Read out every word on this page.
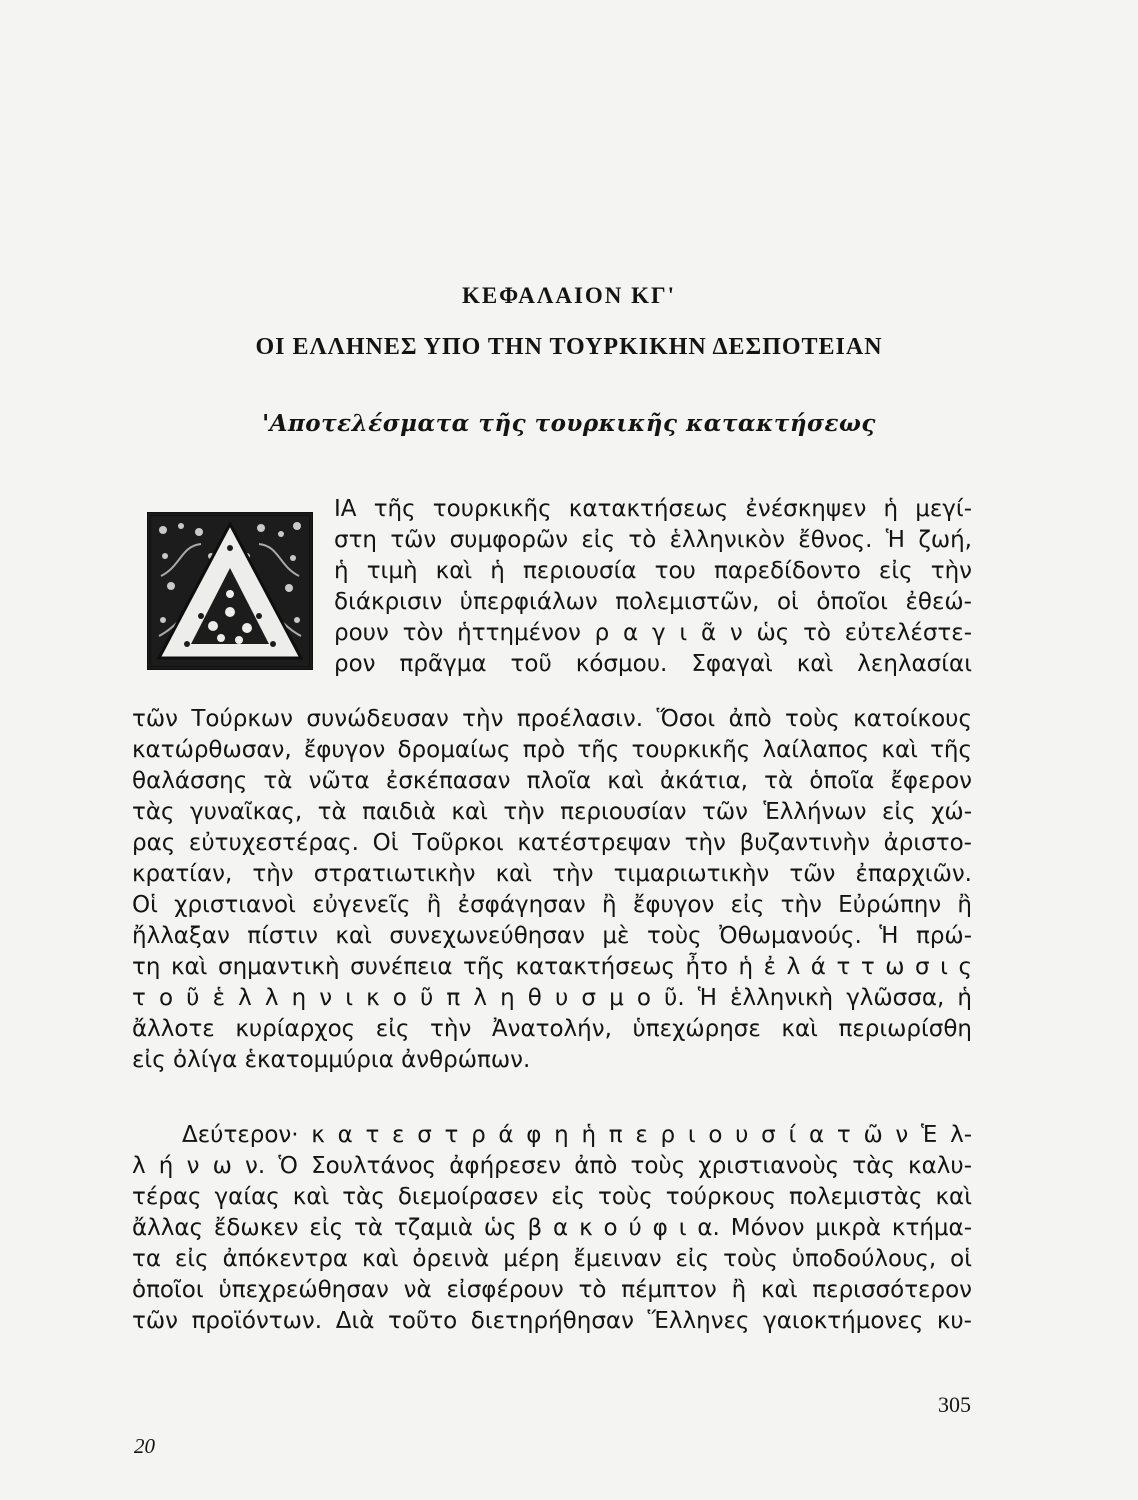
ΚΕΦΑΛΑΙΟΝ ΚΓ'
ΟΙ ΕΛΛΗΝΕΣ ΥΠΟ ΤΗΝ ΤΟΥΡΚΙΚΗΝ ΔΕΣΠΟΤΕΙΑΝ
'Αποτελέσματα τῆς τουρκικῆς κατακτήσεως
ΙΑ τῆς τουρκικῆς κατακτήσεως ἐνέσκηψεν ἡ μεγί-
στη τῶν συμφορῶν εἰς τὸ ἑλληνικὸν ἔθνος. Ἡ ζωή,
ἡ τιμὴ καὶ ἡ περιουσία του παρεδίδοντο εἰς τὴν
διάκρισιν ὑπερφιάλων πολεμιστῶν, οἱ ὁποῖοι ἐθεώ-
ρουν τὸν ἡττημένον ρ α γ ι ᾶ ν ὡς τὸ εὐτελέστε-
ρον πρᾶγμα τοῦ κόσμου. Σφαγαὶ καὶ λεηλασίαι
τῶν Τούρκων συνώδευσαν τὴν προέλασιν. Ὅσοι ἀπὸ τοὺς κατοίκους
κατώρθωσαν, ἔφυγον δρομαίως πρὸ τῆς τουρκικῆς λαίλαπος καὶ τῆς
θαλάσσης τὰ νῶτα ἐσκέπασαν πλοῖα καὶ ἀκάτια, τὰ ὁποῖα ἔφερον
τὰς γυναῖκας, τὰ παιδιὰ καὶ τὴν περιουσίαν τῶν Ἑλλήνων εἰς χώ-
ρας εὐτυχεστέρας. Οἱ Τοῦρκοι κατέστρεψαν τὴν βυζαντινὴν ἀριστο-
κρατίαν, τὴν στρατιωτικὴν καὶ τὴν τιμαριωτικὴν τῶν ἐπαρχιῶν.
Οἱ χριστιανοὶ εὐγενεῖς ἢ ἐσφάγησαν ἢ ἔφυγον εἰς τὴν Εὐρώπην ἢ
ἤλλαξαν πίστιν καὶ συνεχωνεύθησαν μὲ τοὺς Ὀθωμανούς. Ἡ πρώ-
τη καὶ σημαντικὴ συνέπεια τῆς κατακτήσεως ἦτο ἡ ἐ λ ά τ τ ω σ ι ς
τ ο ῦ ἑ λ λ η ν ι κ ο ῦ π λ η θ υ σ μ ο ῦ. Ἡ ἑλληνικὴ γλῶσσα, ἡ
ἄλλοτε κυρίαρχος εἰς τὴν Ἀνατολήν, ὑπεχώρησε καὶ περιωρίσθη
εἰς ὀλίγα ἑκατομμύρια ἀνθρώπων.
Δεύτερον· κ α τ ε σ τ ρ ά φ η ἡ π ε ρ ι ο υ σ ί α τ ῶ ν Ἑ λ-
λ ή ν ω ν. Ὁ Σουλτάνος ἀφήρεσεν ἀπὸ τοὺς χριστιανοὺς τὰς καλυ-
τέρας γαίας καὶ τὰς διεμοίρασεν εἰς τοὺς τούρκους πολεμιστὰς καὶ
ἄλλας ἔδωκεν εἰς τὰ τζαμιὰ ὡς β α κ ο ύ φ ι α. Μόνον μικρὰ κτήμα-
τα εἰς ἀπόκεντρα καὶ ὀρεινὰ μέρη ἔμειναν εἰς τοὺς ὑποδούλους, οἱ
ὁποῖοι ὑπεχρεώθησαν νὰ εἰσφέρουν τὸ πέμπτον ἢ καὶ περισσότερον
τῶν προϊόντων. Διὰ τοῦτο διετηρήθησαν Ἕλληνες γαιοκτήμονες κυ-
305
20
